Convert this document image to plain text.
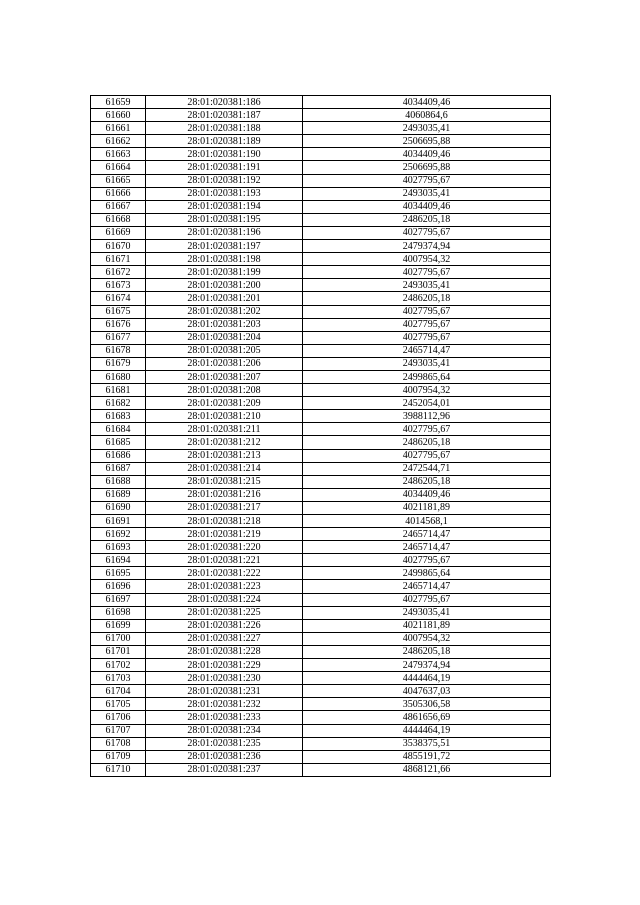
61659	28:01:020381:186	4034409,46
61660	28:01:020381:187	4060864,6
61661	28:01:020381:188	2493035,41
61662	28:01:020381:189	2506695,88
61663	28:01:020381:190	4034409,46
61664	28:01:020381:191	2506695,88
61665	28:01:020381:192	4027795,67
61666	28:01:020381:193	2493035,41
61667	28:01:020381:194	4034409,46
61668	28:01:020381:195	2486205,18
61669	28:01:020381:196	4027795,67
61670	28:01:020381:197	2479374,94
61671	28:01:020381:198	4007954,32
61672	28:01:020381:199	4027795,67
61673	28:01:020381:200	2493035,41
61674	28:01:020381:201	2486205,18
61675	28:01:020381:202	4027795,67
61676	28:01:020381:203	4027795,67
61677	28:01:020381:204	4027795,67
61678	28:01:020381:205	2465714,47
61679	28:01:020381:206	2493035,41
61680	28:01:020381:207	2499865,64
61681	28:01:020381:208	4007954,32
61682	28:01:020381:209	2452054,01
61683	28:01:020381:210	3988112,96
61684	28:01:020381:211	4027795,67
61685	28:01:020381:212	2486205,18
61686	28:01:020381:213	4027795,67
61687	28:01:020381:214	2472544,71
61688	28:01:020381:215	2486205,18
61689	28:01:020381:216	4034409,46
61690	28:01:020381:217	4021181,89
61691	28:01:020381:218	4014568,1
61692	28:01:020381:219	2465714,47
61693	28:01:020381:220	2465714,47
61694	28:01:020381:221	4027795,67
61695	28:01:020381:222	2499865,64
61696	28:01:020381:223	2465714,47
61697	28:01:020381:224	4027795,67
61698	28:01:020381:225	2493035,41
61699	28:01:020381:226	4021181,89
61700	28:01:020381:227	4007954,32
61701	28:01:020381:228	2486205,18
61702	28:01:020381:229	2479374,94
61703	28:01:020381:230	4444464,19
61704	28:01:020381:231	4047637,03
61705	28:01:020381:232	3505306,58
61706	28:01:020381:233	4861656,69
61707	28:01:020381:234	4444464,19
61708	28:01:020381:235	3538375,51
61709	28:01:020381:236	4855191,72
61710	28:01:020381:237	4868121,66
